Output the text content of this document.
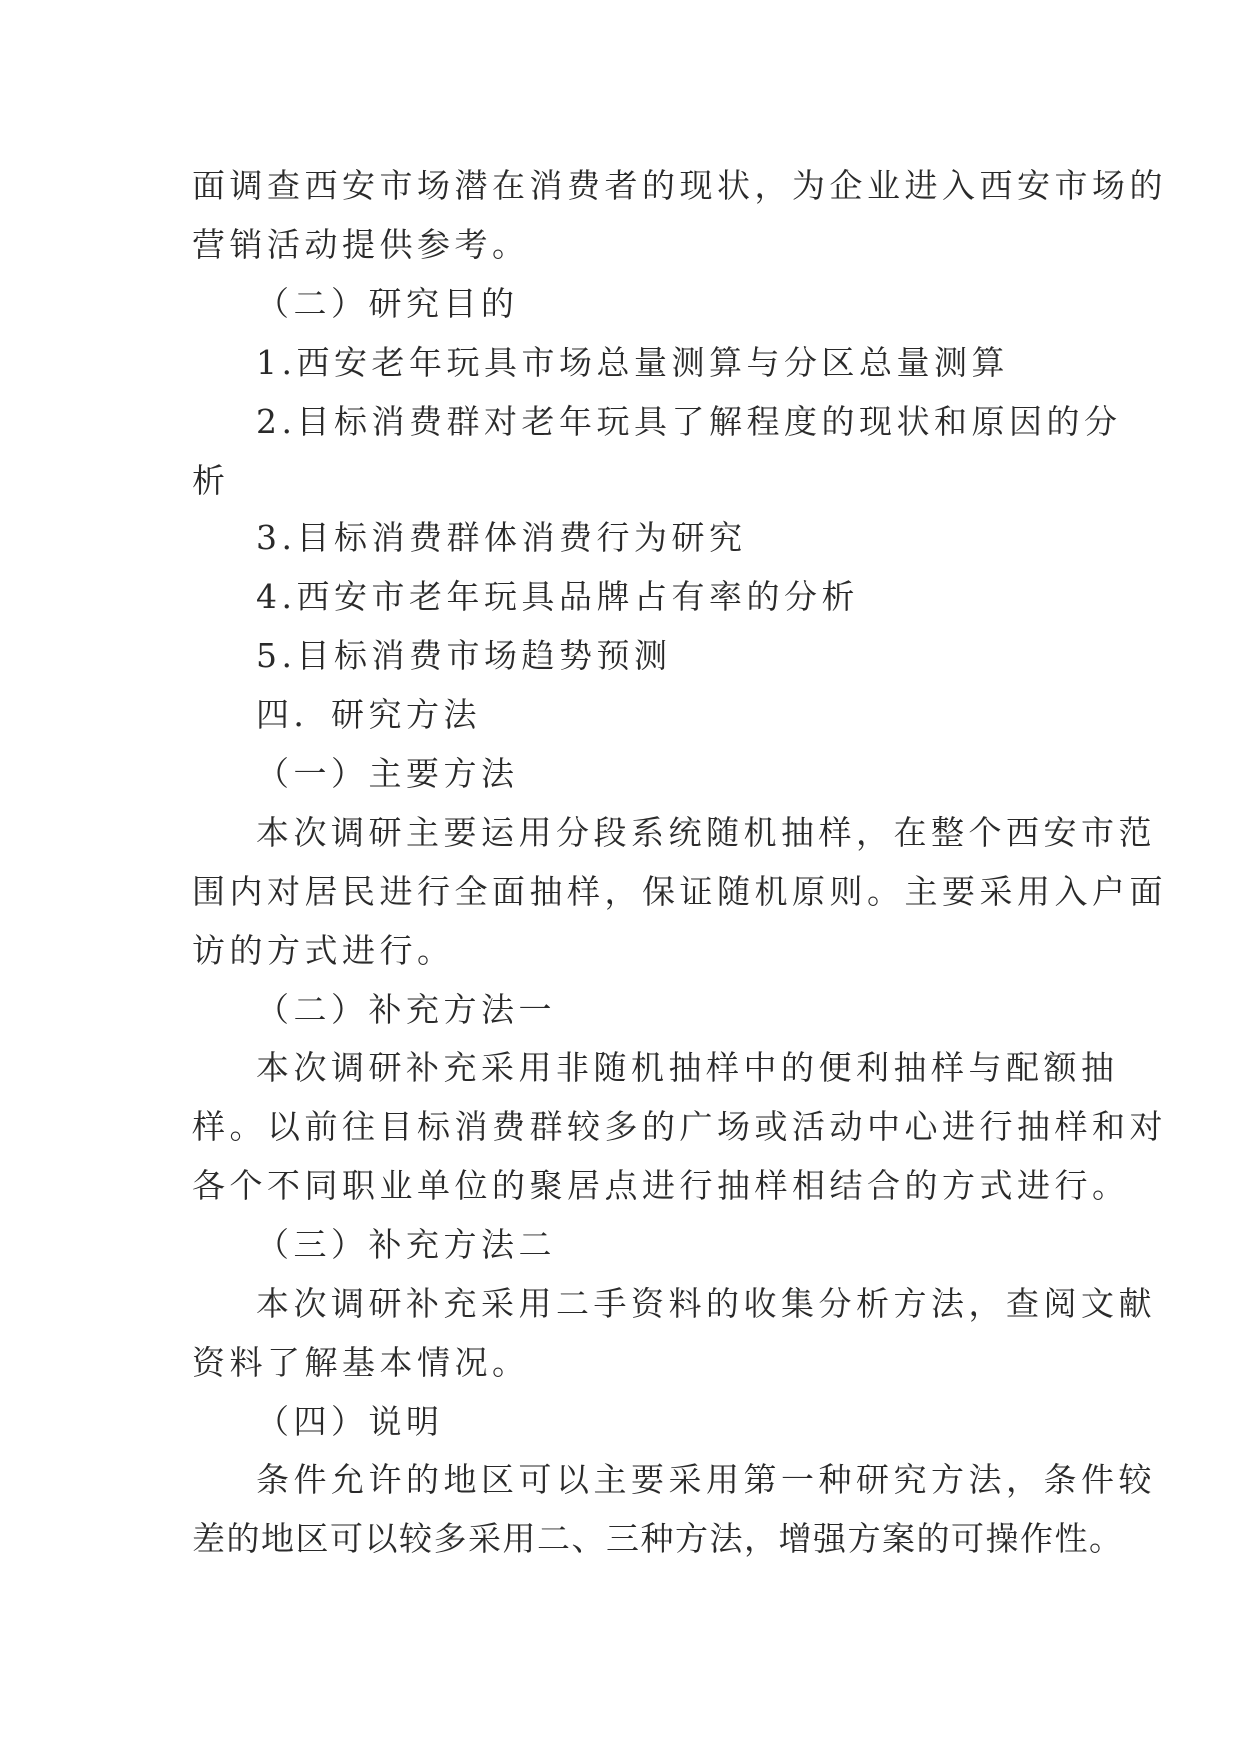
面调查西安市场潜在消费者的现状，为企业进入西安市场的
营销活动提供参考。
（二）研究目的
1.西安老年玩具市场总量测算与分区总量测算
2.目标消费群对老年玩具了解程度的现状和原因的分
析
3.目标消费群体消费行为研究
4.西安市老年玩具品牌占有率的分析
5.目标消费市场趋势预测
四．研究方法
（一）主要方法
本次调研主要运用分段系统随机抽样，在整个西安市范
围内对居民进行全面抽样，保证随机原则。主要采用入户面
访的方式进行。
（二）补充方法一
本次调研补充采用非随机抽样中的便利抽样与配额抽
样。以前往目标消费群较多的广场或活动中心进行抽样和对
各个不同职业单位的聚居点进行抽样相结合的方式进行。
（三）补充方法二
本次调研补充采用二手资料的收集分析方法，查阅文献
资料了解基本情况。
（四）说明
条件允许的地区可以主要采用第一种研究方法，条件较
差的地区可以较多采用二、三种方法，增强方案的可操作性。
